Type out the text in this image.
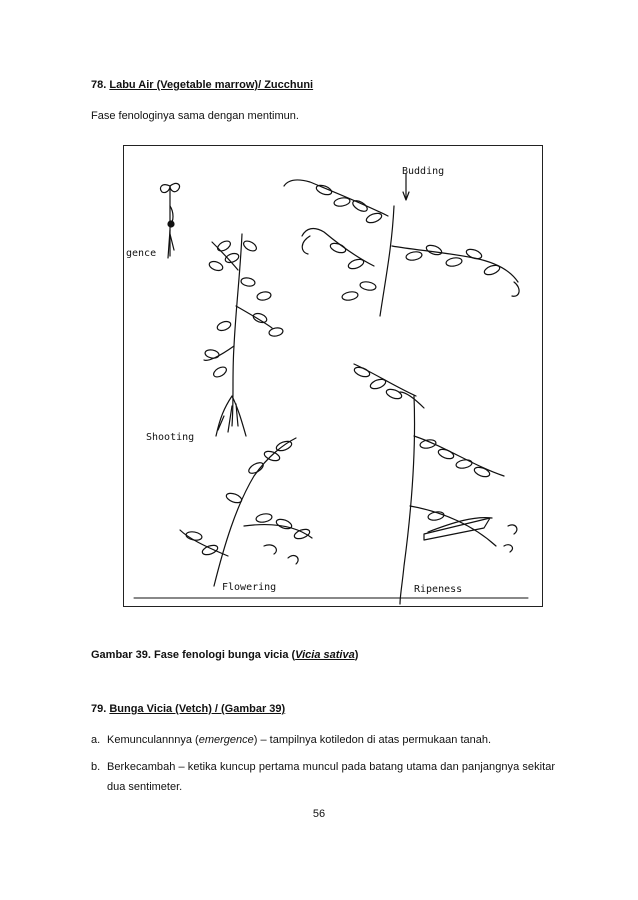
78. Labu Air (Vegetable marrow)/ Zucchuni
Fase fenologinya sama dengan mentimun.
gence
Budding
Shooting
Flowering	Ripeness
Gambar 39. Fase fenologi bunga vicia (Vicia sativa)
79. Bunga Vicia (Vetch) / (Gambar 39)
a. Kemunculannnya (emergence) – tampilnya kotiledon di atas permukaan tanah.
b. Berkecambah – ketika kuncup pertama muncul pada batang utama dan panjangnya sekitar
dua sentimeter.
56
